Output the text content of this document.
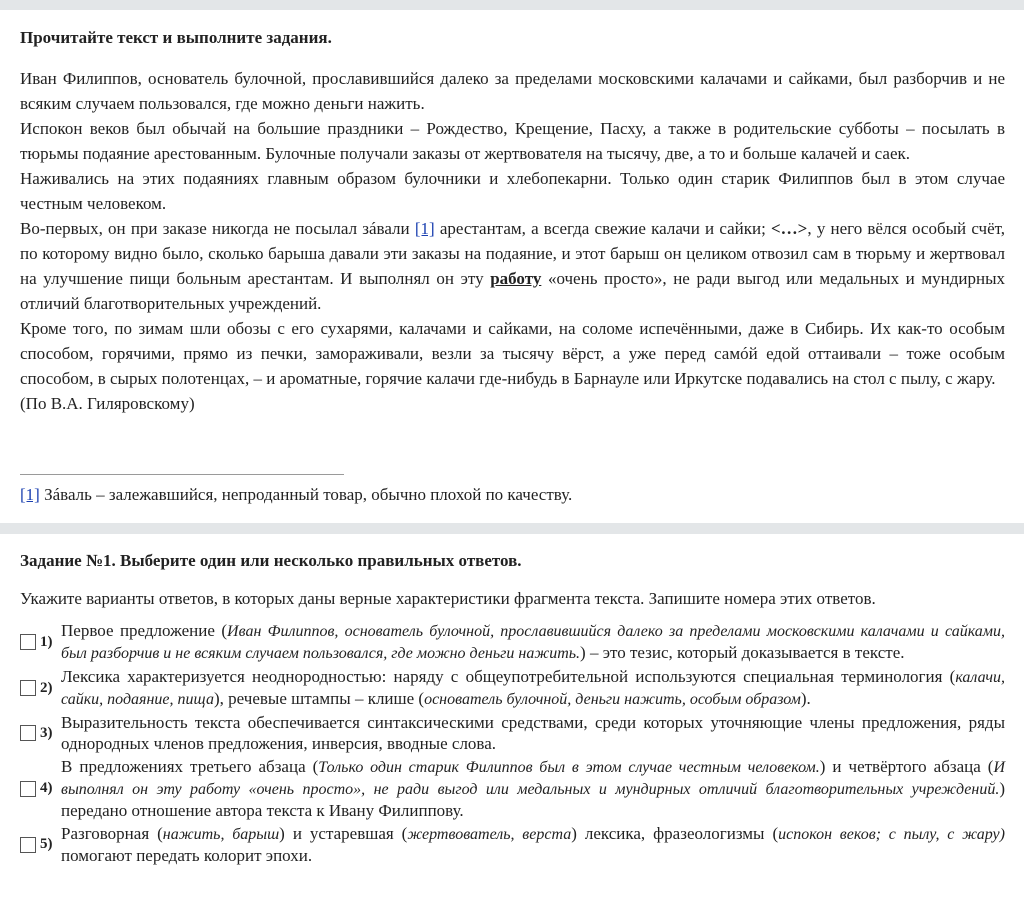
Прочитайте текст и выполните задания.

Иван Филиппов, основатель булочной, прославившийся далеко за пределами московскими калачами и сайками, был разборчив и не всяким случаем пользовался, где можно деньги нажить.

Испокон веков был обычай на большие праздники – Рождество, Крещение, Пасху, а также в родительские субботы – посылать в тюрьмы подаяние арестованным. Булочные получали заказы от жертвователя на тысячу, две, а то и больше калачей и саек.

Наживались на этих подаяниях главным образом булочники и хлебопекарни. Только один старик Филиппов был в этом случае честным человеком.

Во-первых, он при заказе никогда не посылал зáвали [1] арестантам, а всегда свежие калачи и сайки; <…>, у него вёлся особый счёт, по которому видно было, сколько барыша давали эти заказы на подаяние, и этот барыш он целиком отвозил сам в тюрьму и жертвовал на улучшение пищи больным арестантам. И выполнял он эту работу «очень просто», не ради выгод или медальных и мундирных отличий благотворительных учреждений.

Кроме того, по зимам шли обозы с его сухарями, калачами и сайками, на соломе испечёнными, даже в Сибирь. Их как-то особым способом, горячими, прямо из печки, замораживали, везли за тысячу вёрст, а уже перед самóй едой оттаивали – тоже особым способом, в сырых полотенцах, – и ароматные, горячие калачи где-нибудь в Барнауле или Иркутске подавались на стол с пылу, с жару.

(По В.А. Гиляровскому)

[1] Зáваль – залежавшийся, непроданный товар, обычно плохой по качеству.
Задание №1. Выберите один или несколько правильных ответов.
Укажите варианты ответов, в которых даны верные характеристики фрагмента текста. Запишите номера этих ответов.
1)
Первое предложение (Иван Филиппов, основатель булочной, прославившийся далеко за пределами московскими калачами и сайками, был разборчив и не всяким случаем пользовался, где можно деньги нажить.) – это тезис, который доказывается в тексте.
2)
Лексика характеризуется неоднородностью: наряду с общеупотребительной используются специальная терминология (калачи, сайки, подаяние, пища), речевые штампы – клише (основатель булочной, деньги нажить, особым образом).
3)
Выразительность текста обеспечивается синтаксическими средствами, среди которых уточняющие члены предложения, ряды однородных членов предложения, инверсия, вводные слова.
4)
В предложениях третьего абзаца (Только один старик Филиппов был в этом случае честным человеком.) и четвёртого абзаца (И выполнял он эту работу «очень просто», не ради выгод или медальных и мундирных отличий благотворительных учреждений.) передано отношение автора текста к Ивану Филиппову.
5)
Разговорная (нажить, барыш) и устаревшая (жертвователь, верста) лексика, фразеологизмы (испокон веков; с пылу, с жару) помогают передать колорит эпохи.
